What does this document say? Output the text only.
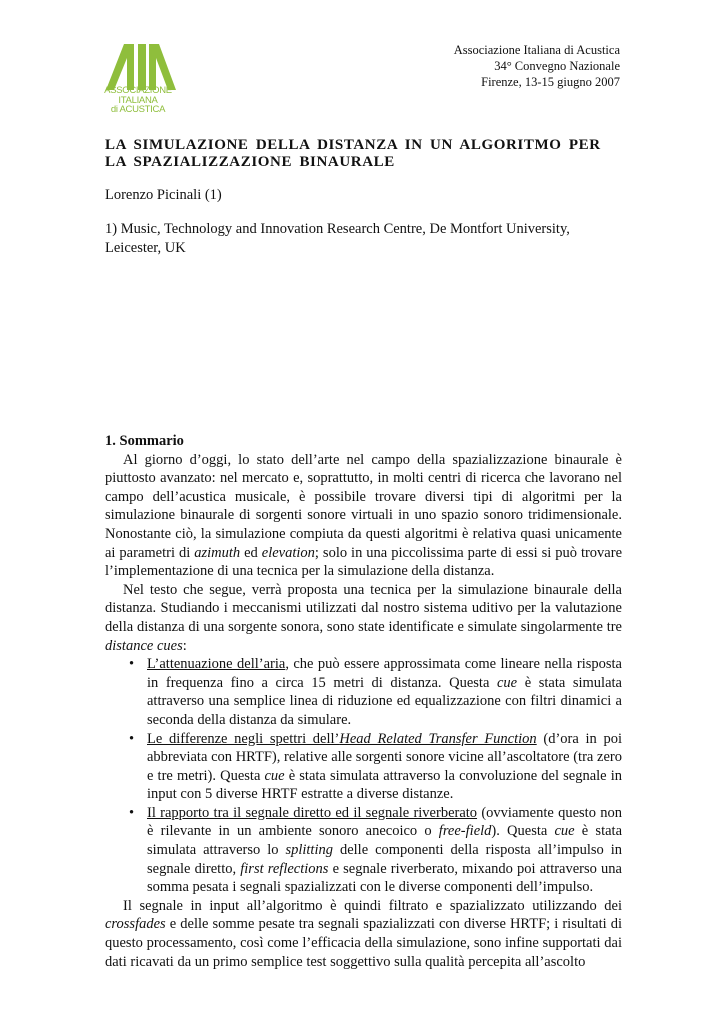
ASSOCIAZIONE
ITALIANA
di ACUSTICA
Associazione Italiana di Acustica
34° Convegno Nazionale
Firenze, 13-15 giugno 2007
LA SIMULAZIONE DELLA DISTANZA IN UN ALGORITMO PER
LA SPAZIALIZZAZIONE BINAURALE
Lorenzo Picinali (1)
1) Music, Technology and Innovation Research Centre, De Montfort University, Leicester, UK
1. Sommario

Al giorno d’oggi, lo stato dell’arte nel campo della spazializzazione binaurale è piuttosto avanzato: nel mercato e, soprattutto, in molti centri di ricerca che lavorano nel campo dell’acustica musicale, è possibile trovare diversi tipi di algoritmi per la simulazione binaurale di sorgenti sonore virtuali in uno spazio sonoro tridimensionale. Nonostante ciò, la simulazione compiuta da questi algoritmi è relativa quasi unicamente ai parametri di azimuth ed elevation; solo in una piccolissima parte di essi si può trovare l’implementazione di una tecnica per la simulazione della distanza.

Nel testo che segue, verrà proposta una tecnica per la simulazione binaurale della distanza. Studiando i meccanismi utilizzati dal nostro sistema uditivo per la valutazione della distanza di una sorgente sonora, sono state identificate e simulate singolarmente tre distance cues:

• L’attenuazione dell’aria, che può essere approssimata come lineare nella risposta in frequenza fino a circa 15 metri di distanza. Questa cue è stata simulata attraverso una semplice linea di riduzione ed equalizzazione con filtri dinamici a seconda della distanza da simulare.
• Le differenze negli spettri dell’Head Related Transfer Function (d’ora in poi abbreviata con HRTF), relative alle sorgenti sonore vicine all’ascoltatore (tra zero e tre metri). Questa cue è stata simulata attraverso la convoluzione del segnale in input con 5 diverse HRTF estratte a diverse distanze.
• Il rapporto tra il segnale diretto ed il segnale riverberato (ovviamente questo non è rilevante in un ambiente sonoro anecoico o free-field). Questa cue è stata simulata attraverso lo splitting delle componenti della risposta all’impulso in segnale diretto, first reflections e segnale riverberato, mixando poi attraverso una somma pesata i segnali spazializzati con le diverse componenti dell’impulso.

Il segnale in input all’algoritmo è quindi filtrato e spazializzato utilizzando dei crossfades e delle somme pesate tra segnali spazializzati con diverse HRTF; i risultati di questo processamento, così come l’efficacia della simulazione, sono infine supportati dai dati ricavati da un primo semplice test soggettivo sulla qualità percepita all’ascolto
